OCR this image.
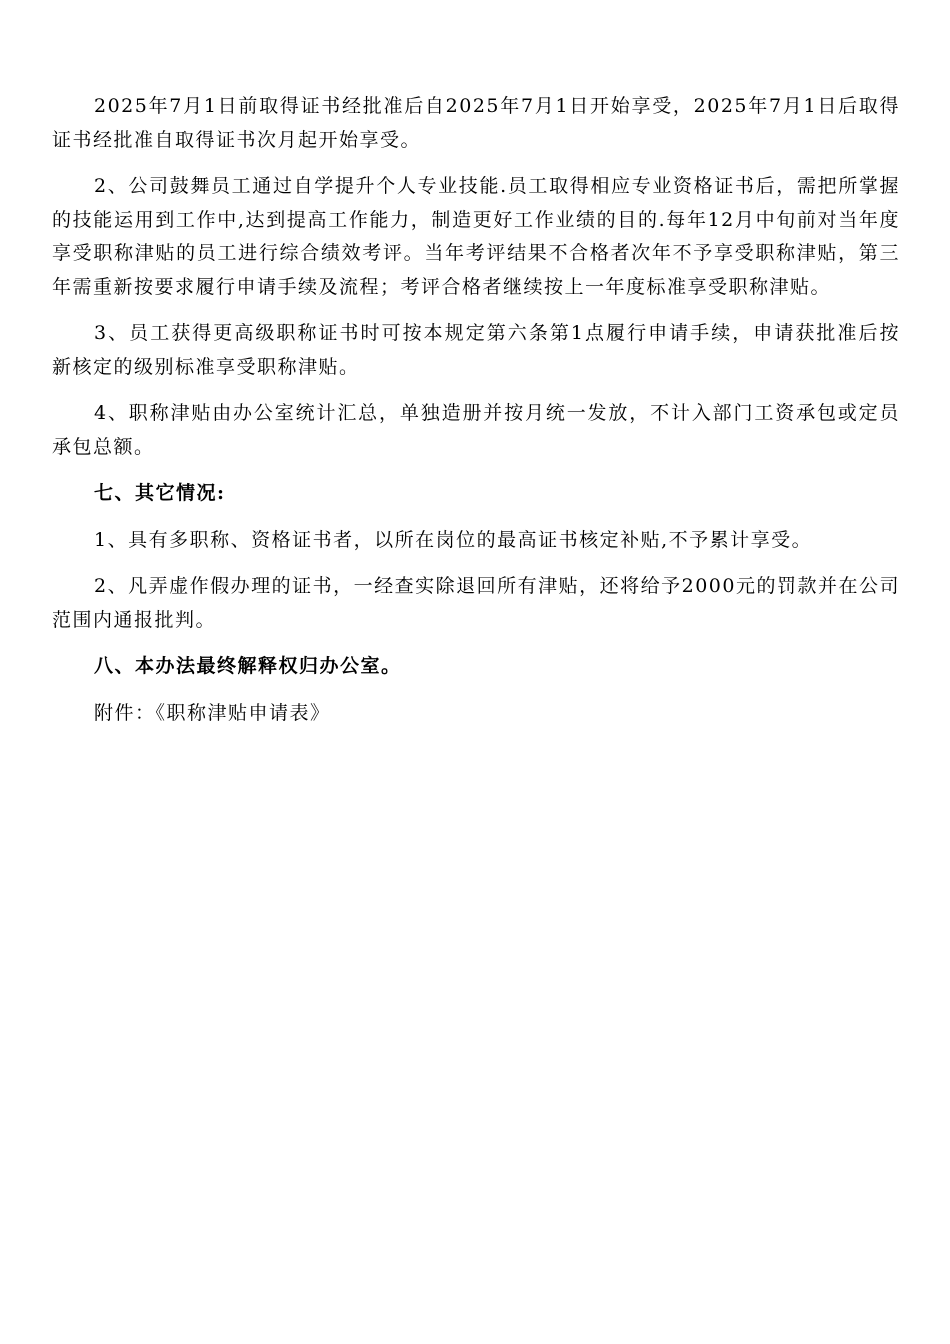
2025年7月1日前取得证书经批准后自2025年7月1日开始享受，2025年7月1日后取得证书经批准自取得证书次月起开始享受。

2、公司鼓舞员工通过自学提升个人专业技能.员工取得相应专业资格证书后，需把所掌握的技能运用到工作中,达到提高工作能力，制造更好工作业绩的目的.每年12月中旬前对当年度享受职称津贴的员工进行综合绩效考评。当年考评结果不合格者次年不予享受职称津贴，第三年需重新按要求履行申请手续及流程；考评合格者继续按上一年度标准享受职称津贴。

3、员工获得更高级职称证书时可按本规定第六条第1点履行申请手续，申请获批准后按新核定的级别标准享受职称津贴。

4、职称津贴由办公室统计汇总，单独造册并按月统一发放，不计入部门工资承包或定员承包总额。

七、其它情况:

1、具有多职称、资格证书者，以所在岗位的最高证书核定补贴,不予累计享受。

2、凡弄虚作假办理的证书，一经查实除退回所有津贴，还将给予2000元的罚款并在公司范围内通报批判。

八、本办法最终解释权归办公室。

附件：《职称津贴申请表》
